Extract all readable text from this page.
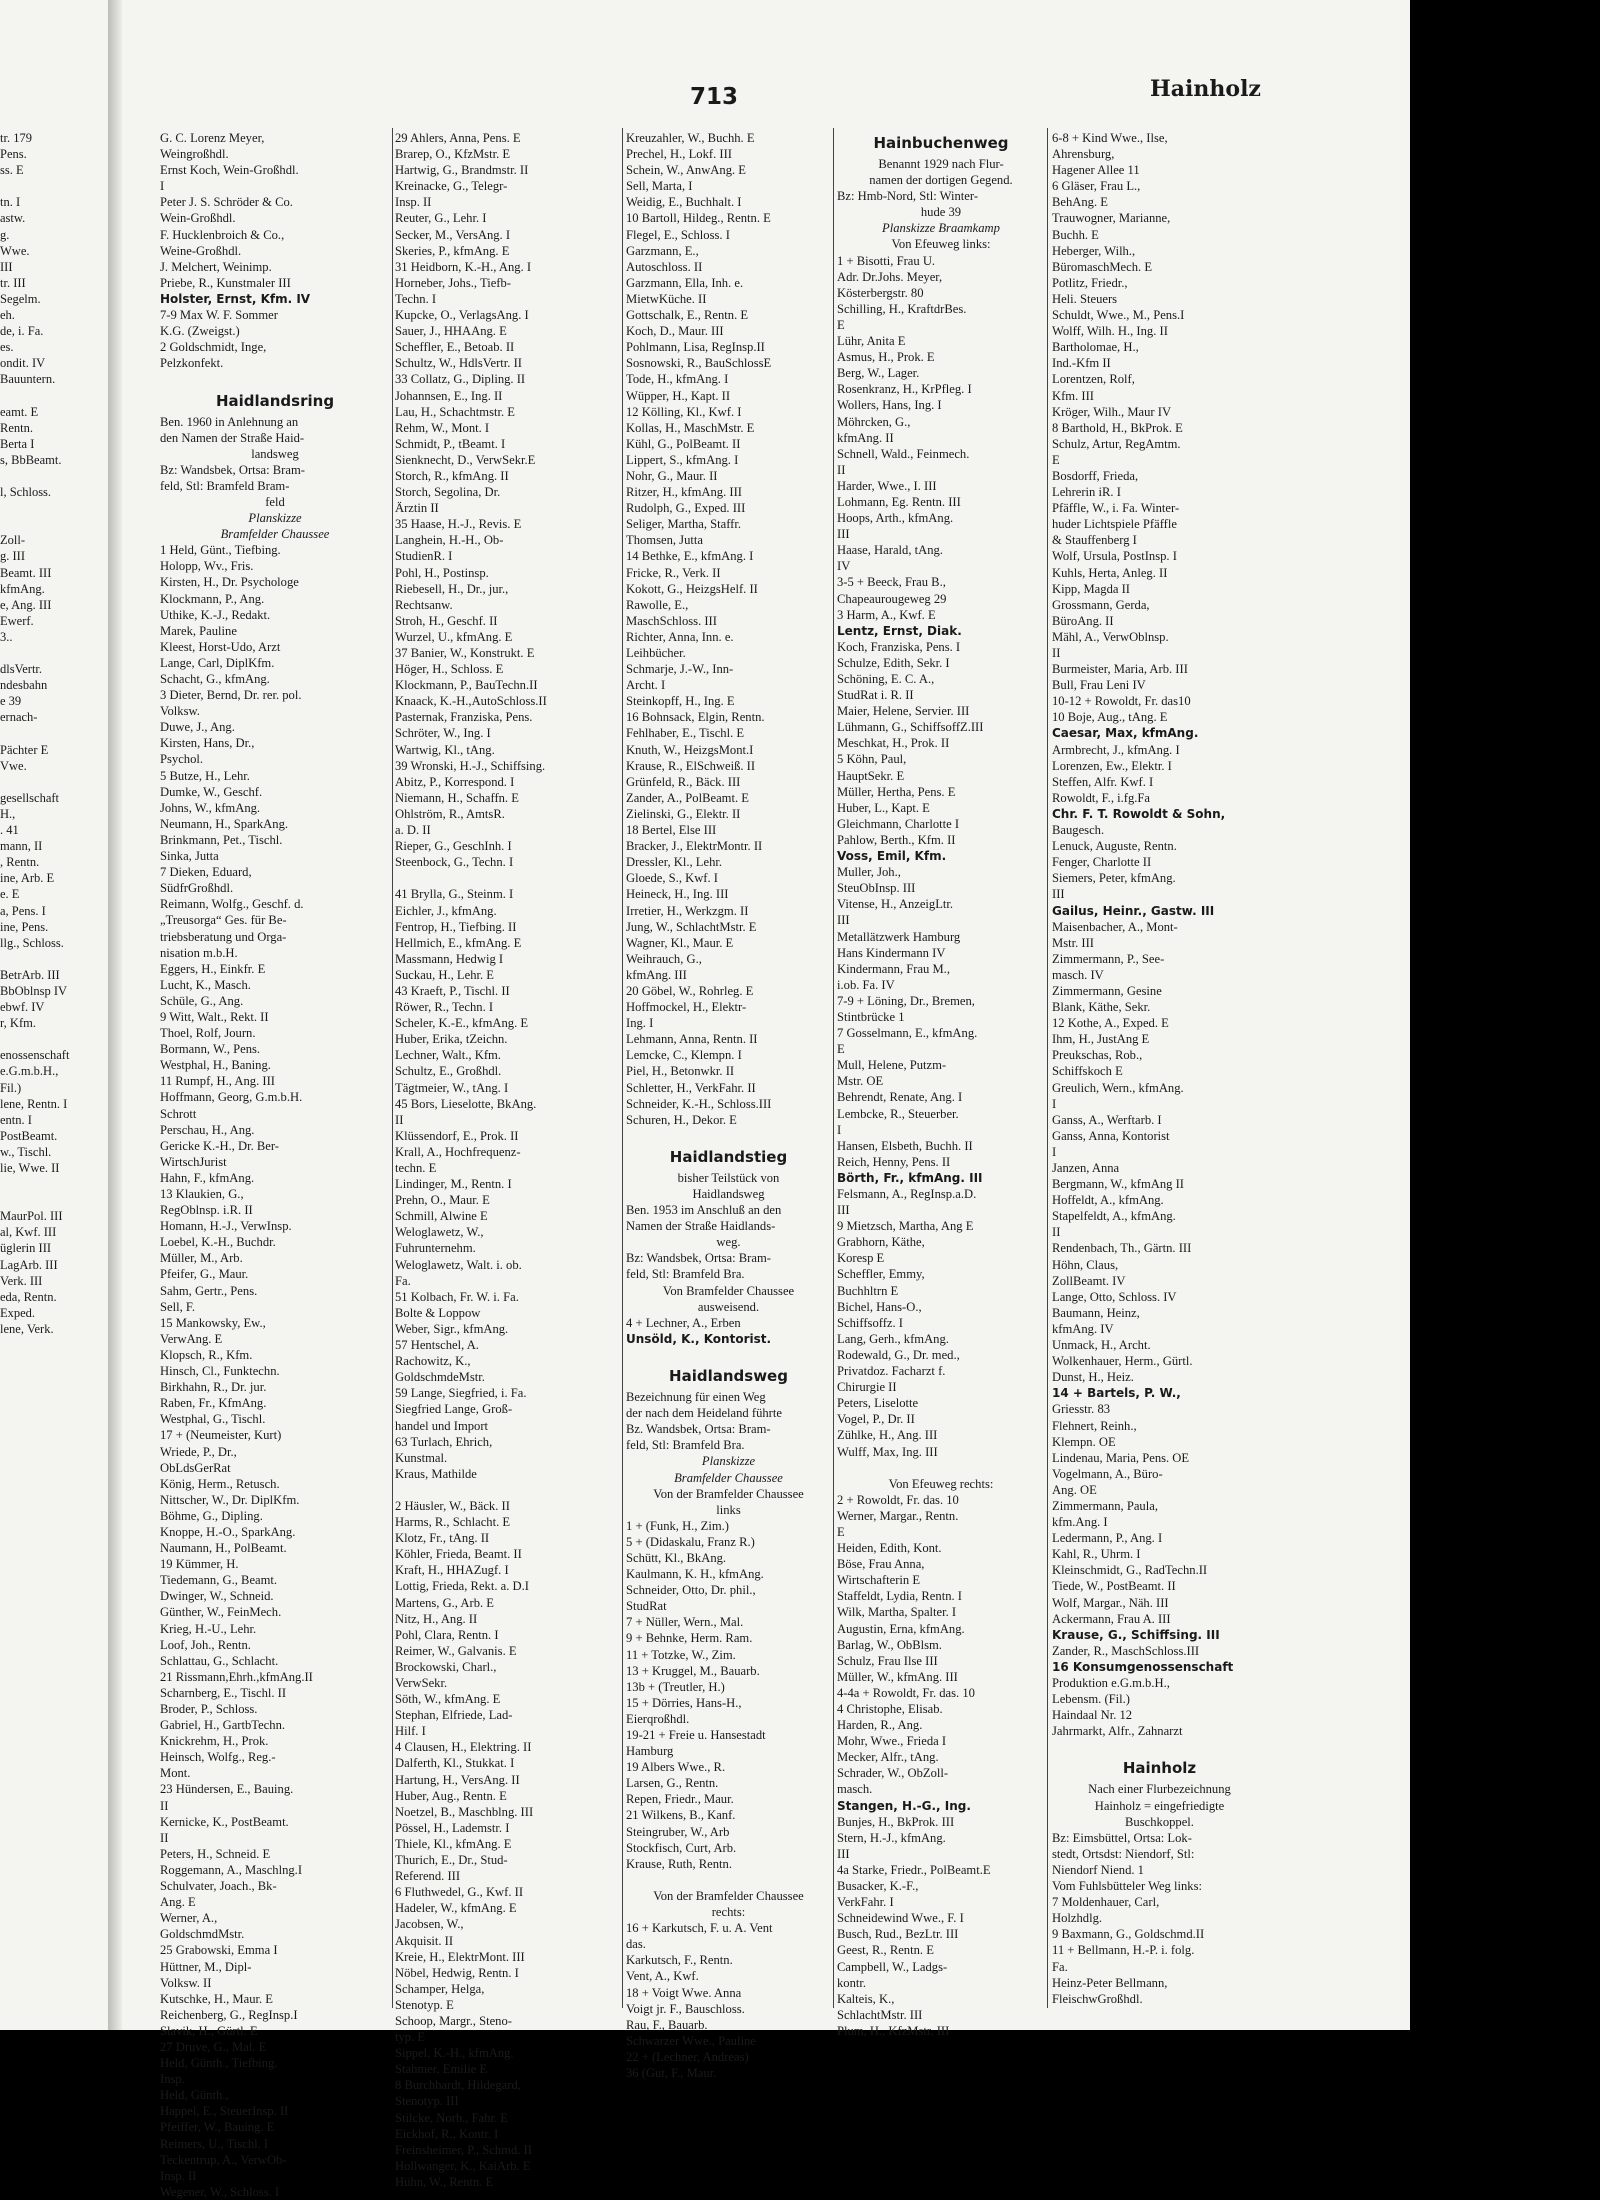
tr. 179
Pens.
ss. E
tn. I
astw.
g.
Wwe.
III
tr. III
Segelm.
eh.
de, i. Fa.
es.
ondit. IV
Bauuntern.
eamt. E
Rentn.
Berta I
s, BbBeamt.
l, Schloss.
Zoll-
g. III
Beamt. III
kfmAng.
e, Ang. III
Ewerf.
3..
dlsVertr.
ndesbahn
e 39
ernach-
Pächter E
Vwe.
gesellschaft
H.,
. 41
mann, II
, Rentn.
ine, Arb. E
e. E
a, Pens. I
ine, Pens.
llg., Schloss.
BetrArb. III
BbOblnsp IV
ebwf. IV
r, Kfm.
enossenschaft
e.G.m.b.H.,
Fil.)
lene, Rentn. I
entn. I
PostBeamt.
w., Tischl.
lie, Wwe. II
MaurPol. III
al, Kwf. III
üglerin III
LagArb. III
Verk. III
eda, Rentn.
Exped.
lene, Verk.
713	Hainholz
G. C. Lorenz Meyer,
Weingroßhdl.
Ernst Koch, Wein-Großhdl.
I
Peter J. S. Schröder & Co.
Wein-Großhdl.
F. Hucklenbroich & Co.,
Weine-Großhdl.
J. Melchert, Weinimp.
Priebe, R., Kunstmaler III
Holster, Ernst, Kfm. IV
7-9 Max W. F. Sommer
K.G. (Zweigst.)
2 Goldschmidt, Inge,
Pelzkonfekt.
Haidlandsring
Ben. 1960 in Anlehnung an
den Namen der Straße Haid-
landsweg
Bz: Wandsbek, Ortsa: Bram-
feld, Stl: Bramfeld Bram-
feld
Planskizze
Bramfelder Chaussee
1 Held, Günt., Tiefbing.
Holopp, Wv., Fris.
Kirsten, H., Dr. Psychologe
Klockmann, P., Ang.
Uthike, K.-J., Redakt.
Marek, Pauline
Kleest, Horst-Udo, Arzt
Lange, Carl, DiplKfm.
Schacht, G., kfmAng.
3 Dieter, Bernd, Dr. rer. pol.
Volksw.
Duwe, J., Ang.
Kirsten, Hans, Dr.,
Psychol.
5 Butze, H., Lehr.
Dumke, W., Geschf.
Johns, W., kfmAng.
Neumann, H., SparkAng.
Brinkmann, Pet., Tischl.
Sinka, Jutta
7 Dieken, Eduard,
SüdfrGroßhdl.
Reimann, Wolfg., Geschf. d.
„Treusorga“ Ges. für Be-
triebsberatung und Orga-
nisation m.b.H.
Eggers, H., Einkfr. E
Lucht, K., Masch.
Schüle, G., Ang.
9 Witt, Walt., Rekt. II
Thoel, Rolf, Journ.
Bormann, W., Pens.
Westphal, H., Baning.
11 Rumpf, H., Ang. III
Hoffmann, Georg, G.m.b.H.
Schrott
Perschau, H., Ang.
Gericke K.-H., Dr. Ber-
WirtschJurist
Hahn, F., kfmAng.
13 Klaukien, G.,
RegOblnsp. i.R. II
Homann, H.-J., VerwInsp.
Loebel, K.-H., Buchdr.
Müller, M., Arb.
Pfeifer, G., Maur.
Sahm, Gertr., Pens.
Sell, F.
15 Mankowsky, Ew.,
VerwAng. E
Klopsch, R., Kfm.
Hinsch, Cl., Funktechn.
Birkhahn, R., Dr. jur.
Raben, Fr., KfmAng.
Westphal, G., Tischl.
17 + (Neumeister, Kurt)
Wriede, P., Dr.,
ObLdsGerRat
König, Herm., Retusch.
Nittscher, W., Dr. DiplKfm.
Böhme, G., Dipling.
Knoppe, H.-O., SparkAng.
Naumann, H., PolBeamt.
19 Kümmer, H.
Tiedemann, G., Beamt.
Dwinger, W., Schneid.
Günther, W., FeinMech.
Krieg, H.-U., Lehr.
Loof, Joh., Rentn.
Schlattau, G., Schlacht.
21 Rissmann,Ehrh.,kfmAng.II
Scharnberg, E., Tischl. II
Broder, P., Schloss.
Gabriel, H., GartbTechn.
Knickrehm, H., Prok.
Heinsch, Wolfg., Reg.-
Mont.
23 Hündersen, E., Bauing.
II
Kernicke, K., PostBeamt.
II
Peters, H., Schneid. E
Roggemann, A., Maschlng.I
Schulvater, Joach., Bk-
Ang. E
Werner, A.,
GoldschmdMstr.
25 Grabowski, Emma I
Hüttner, M., Dipl-
Volksw. II
Kutschke, H., Maur. E
Reichenberg, G., RegInsp.I
Slavik, H., Gürtl. E
27 Druve, G., Mal. E
Held, Günth., Tiefbing.
Insp.
Held, Günth.,
Happel, E., SteuerInsp. II
Pfeiffer, W., Bauing. E
Reimers, U., Tischl. I
Teckentrup, A., VerwOb-
Insp. II
Wegener, W., Schloss. I
29 Ahlers, Anna, Pens. E
Brarep, O., KfzMstr. E
Hartwig, G., Brandmstr. II
Kreinacke, G., Telegr-
Insp. II
Reuter, G., Lehr. I
Secker, M., VersAng. I
Skeries, P., kfmAng. E
31 Heidborn, K.-H., Ang. I
Horneber, Johs., Tiefb-
Techn. I
Kupcke, O., VerlagsAng. I
Sauer, J., HHAAng. E
Scheffler, E., Betoab. II
Schultz, W., HdlsVertr. II
33 Collatz, G., Dipling. II
Johannsen, E., Ing. II
Lau, H., Schachtmstr. E
Rehm, W., Mont. I
Schmidt, P., tBeamt. I
Sienknecht, D., VerwSekr.E
Storch, R., kfmAng. II
Storch, Segolina, Dr.
Ärztin II
35 Haase, H.-J., Revis. E
Langhein, H.-H., Ob-
StudienR. I
Pohl, H., Postinsp.
Riebesell, H., Dr., jur.,
Rechtsanw.
Stroh, H., Geschf. II
Wurzel, U., kfmAng. E
37 Banier, W., Konstrukt. E
Höger, H., Schloss. E
Klockmann, P., BauTechn.II
Knaack, K.-H.,AutoSchloss.II
Pasternak, Franziska, Pens.
Schröter, W., Ing. I
Wartwig, Kl., tAng.
39 Wronski, H.-J., Schiffsing.
Abitz, P., Korrespond. I
Niemann, H., Schaffn. E
Ohlström, R., AmtsR.
a. D. II
Rieper, G., GeschInh. I
Steenbock, G., Techn. I
41 Brylla, G., Steinm. I
Eichler, J., kfmAng.
Fentrop, H., Tiefbing. II
Hellmich, E., kfmAng. E
Massmann, Hedwig I
Suckau, H., Lehr. E
43 Kraeft, P., Tischl. II
Röwer, R., Techn. I
Scheler, K.-E., kfmAng. E
Huber, Erika, tZeichn.
Lechner, Walt., Kfm.
Schultz, E., Großhdl.
Tägtmeier, W., tAng. I
45 Bors, Lieselotte, BkAng.
II
Klüssendorf, E., Prok. II
Krall, A., Hochfrequenz-
techn. E
Lindinger, M., Rentn. I
Prehn, O., Maur. E
Schmill, Alwine E
Weloglawetz, W.,
Fuhrunternehm.
Weloglawetz, Walt. i. ob.
Fa.
51 Kolbach, Fr. W. i. Fa.
Bolte & Loppow
Weber, Sigr., kfmAng.
57 Hentschel, A.
Rachowitz, K.,
GoldschmdeMstr.
59 Lange, Siegfried, i. Fa.
Siegfried Lange, Groß-
handel und Import
63 Turlach, Ehrich,
Kunstmal.
Kraus, Mathilde
2 Häusler, W., Bäck. II
Harms, R., Schlacht. E
Klotz, Fr., tAng. II
Köhler, Frieda, Beamt. II
Kraft, H., HHAZugf. I
Lottig, Frieda, Rekt. a. D.I
Martens, G., Arb. E
Nitz, H., Ang. II
Pohl, Clara, Rentn. I
Reimer, W., Galvanis. E
Brockowski, Charl.,
VerwSekr.
Söth, W., kfmAng. E
Stephan, Elfriede, Lad-
Hilf. I
4 Clausen, H., Elektring. II
Dalferth, Kl., Stukkat. I
Hartung, H., VersAng. II
Huber, Aug., Rentn. E
Noetzel, B., Maschblng. III
Pössel, H., Lademstr. I
Thiele, Kl., kfmAng. E
Thurich, E., Dr., Stud-
Referend. III
6 Fluthwedel, G., Kwf. II
Hadeler, W., kfmAng. E
Jacobsen, W.,
Akquisit. II
Kreie, H., ElektrMont. III
Nöbel, Hedwig, Rentn. I
Schamper, Helga,
Stenotyp. E
Schoop, Margr., Steno-
typ. E
Sippel, K.-H., kfmAng.
Stahmer, Emilie E
8 Burchhardt, Hildegard,
Stenotyp. III
Stilcke, Norb., Fahr. E
Eickhof, R., Kontr. I
Freinsheimer, P., Schmd. II
Hollwanger, K., KaiArb. E
Hühn, W., Rentn. E
Kreuzahler, W., Buchh. E
Prechel, H., Lokf. III
Schein, W., AnwAng. E
Sell, Marta, I
Weidig, E., Buchhalt. I
10 Bartoll, Hildeg., Rentn. E
Flegel, E., Schloss. I
Garzmann, E.,
Autoschloss. II
Garzmann, Ella, Inh. e.
MietwKüche. II
Gottschalk, E., Rentn. E
Koch, D., Maur. III
Pohlmann, Lisa, RegInsp.II
Sosnowski, R., BauSchlossE
Tode, H., kfmAng. I
Wüpper, H., Kapt. II
12 Kölling, Kl., Kwf. I
Kollas, H., MaschMstr. E
Kühl, G., PolBeamt. II
Lippert, S., kfmAng. I
Nohr, G., Maur. II
Ritzer, H., kfmAng. III
Rudolph, G., Exped. III
Seliger, Martha, Staffr.
Thomsen, Jutta
14 Bethke, E., kfmAng. I
Fricke, R., Verk. II
Kokott, G., HeizgsHelf. II
Rawolle, E.,
MaschSchloss. III
Richter, Anna, Inn. e.
Leihbücher.
Schmarje, J.-W., Inn-
Archt. I
Steinkopff, H., Ing. E
16 Bohnsack, Elgin, Rentn.
Fehlhaber, E., Tischl. E
Knuth, W., HeizgsMont.I
Krause, R., ElSchweiß. II
Grünfeld, R., Bäck. III
Zander, A., PolBeamt. E
Zielinski, G., Elektr. II
18 Bertel, Else III
Bracker, J., ElektrMontr. II
Dressler, Kl., Lehr.
Gloede, S., Kwf. I
Heineck, H., Ing. III
Irretier, H., Werkzgm. II
Jung, W., SchlachtMstr. E
Wagner, Kl., Maur. E
Weihrauch, G.,
kfmAng. III
20 Göbel, W., Rohrleg. E
Hoffmockel, H., Elektr-
Ing. I
Lehmann, Anna, Rentn. II
Lemcke, C., Klempn. I
Piel, H., Betonwkr. II
Schletter, H., VerkFahr. II
Schneider, K.-H., Schloss.III
Schuren, H., Dekor. E
Haidlandstieg
bisher Teilstück von
Haidlandsweg
Ben. 1953 im Anschluß an den
Namen der Straße Haidlands-
weg.
Bz: Wandsbek, Ortsa: Bram-
feld, Stl: Bramfeld Bra.
Von Bramfelder Chaussee
ausweisend.
4 + Lechner, A., Erben
Unsöld, K., Kontorist.
Haidlandsweg
Bezeichnung für einen Weg
der nach dem Heideland führte
Bz. Wandsbek, Ortsa: Bram-
feld, Stl: Bramfeld Bra.
Planskizze
Bramfelder Chaussee
Von der Bramfelder Chaussee
links
1 + (Funk, H., Zim.)
5 + (Didaskalu, Franz R.)
Schütt, Kl., BkAng.
Kaulmann, K. H., kfmAng.
Schneider, Otto, Dr. phil.,
StudRat
7 + Nüller, Wern., Mal.
9 + Behnke, Herm. Ram.
11 + Totzke, W., Zim.
13 + Kruggel, M., Bauarb.
13b + (Treutler, H.)
15 + Dörries, Hans-H.,
Eierqroßhdl.
19-21 + Freie u. Hansestadt
Hamburg
19 Albers Wwe., R.
Larsen, G., Rentn.
Repen, Friedr., Maur.
21 Wilkens, B., Kanf.
Steingruber, W., Arb
Stockfisch, Curt, Arb.
Krause, Ruth, Rentn.
Von der Bramfelder Chaussee
rechts:
16 + Karkutsch, F. u. A. Vent
das.
Karkutsch, F., Rentn.
Vent, A., Kwf.
18 + Voigt Wwe. Anna
Voigt jr. F., Bauschloss.
Rau, F., Bauarb.
Schwarzer Wwe., Pauline
22 + (Lechner, Andreas)
36 (Gut, F., Maur.
Hainbuchenweg
Benannt 1929 nach Flur-
namen der dortigen Gegend.
Bz: Hmb-Nord, Stl: Winter-
hude 39
Planskizze Braamkamp
Von Efeuweg links:
1 + Bisotti, Frau U.
Adr. Dr.Johs. Meyer,
Kösterbergstr. 80
Schilling, H., KraftdrBes.
E
Lühr, Anita E
Asmus, H., Prok. E
Berg, W., Lager.
Rosenkranz, H., KrPfleg. I
Wollers, Hans, Ing. I
Möhrcken, G.,
kfmAng. II
Schnell, Wald., Feinmech.
II
Harder, Wwe., I. III
Lohmann, Eg. Rentn. III
Hoops, Arth., kfmAng.
III
Haase, Harald, tAng.
IV
3-5 + Beeck, Frau B.,
Chapeaurougeweg 29
3 Harm, A., Kwf. E
Lentz, Ernst, Diak.
Koch, Franziska, Pens. I
Schulze, Edith, Sekr. I
Schöning, E. C. A.,
StudRat i. R. II
Maier, Helene, Servier. III
Lühmann, G., SchiffsoffZ.III
Meschkat, H., Prok. II
5 Köhn, Paul,
HauptSekr. E
Müller, Hertha, Pens. E
Huber, L., Kapt. E
Gleichmann, Charlotte I
Pahlow, Berth., Kfm. II
Voss, Emil, Kfm.
Muller, Joh.,
SteuObInsp. III
Vitense, H., AnzeigLtr.
III
Metallätzwerk Hamburg
Hans Kindermann IV
Kindermann, Frau M.,
i.ob. Fa. IV
7-9 + Löning, Dr., Bremen,
Stintbrücke 1
7 Gosselmann, E., kfmAng.
E
Mull, Helene, Putzm-
Mstr. OE
Behrendt, Renate, Ang. I
Lembcke, R., Steuerber.
I
Hansen, Elsbeth, Buchh. II
Reich, Henny, Pens. II
Börth, Fr., kfmAng. III
Felsmann, A., RegInsp.a.D.
III
9 Mietzsch, Martha, Ang E
Grabhorn, Käthe,
Koresp E
Scheffler, Emmy,
Buchhltrn E
Bichel, Hans-O.,
Schiffsoffz. I
Lang, Gerh., kfmAng.
Rodewald, G., Dr. med.,
Privatdoz. Facharzt f.
Chirurgie II
Peters, Liselotte
Vogel, P., Dr. II
Zühlke, H., Ang. III
Wulff, Max, Ing. III
Von Efeuweg rechts:
2 + Rowoldt, Fr. das. 10
Werner, Margar., Rentn.
E
Heiden, Edith, Kont.
Böse, Frau Anna,
Wirtschafterin E
Staffeldt, Lydia, Rentn. I
Wilk, Martha, Spalter. I
Augustin, Erna, kfmAng.
Barlag, W., ObBlsm.
Schulz, Frau Ilse III
Müller, W., kfmAng. III
4-4a + Rowoldt, Fr. das. 10
4 Christophe, Elisab.
Harden, R., Ang.
Mohr, Wwe., Frieda I
Mecker, Alfr., tAng.
Schrader, W., ObZoll-
masch.
Stangen, H.-G., Ing.
Bunjes, H., BkProk. III
Stern, H.-J., kfmAng.
III
4a Starke, Friedr., PolBeamt.E
Busacker, K.-F.,
VerkFahr. I
Schneidewind Wwe., F. I
Busch, Rud., BezLtr. III
Geest, R., Rentn. E
Campbell, W., Ladgs-
kontr.
Kalteis, K.,
SchlachtMstr. III
Plum, H., KfzMstr. III
6-8 + Kind Wwe., Ilse,
Ahrensburg,
Hagener Allee 11
6 Gläser, Frau L.,
BehAng. E
Trauwogner, Marianne,
Buchh. E
Heberger, Wilh.,
BüromaschMech. E
Potlitz, Friedr.,
Heli. Steuers
Schuldt, Wwe., M., Pens.I
Wolff, Wilh. H., Ing. II
Bartholomae, H.,
Ind.-Kfm II
Lorentzen, Rolf,
Kfm. III
Kröger, Wilh., Maur IV
8 Barthold, H., BkProk. E
Schulz, Artur, RegAmtm.
E
Bosdorff, Frieda,
Lehrerin iR. I
Pfäffle, W., i. Fa. Winter-
huder Lichtspiele Pfäffle
& Stauffenberg I
Wolf, Ursula, PostInsp. I
Kuhls, Herta, Anleg. II
Kipp, Magda II
Grossmann, Gerda,
BüroAng. II
Mähl, A., VerwOblnsp.
II
Burmeister, Maria, Arb. III
Bull, Frau Leni IV
10-12 + Rowoldt, Fr. das10
10 Boje, Aug., tAng. E
Caesar, Max, kfmAng.
Armbrecht, J., kfmAng. I
Lorenzen, Ew., Elektr. I
Steffen, Alfr. Kwf. I
Rowoldt, F., i.fg.Fa
Chr. F. T. Rowoldt & Sohn,
Baugesch.
Lenuck, Auguste, Rentn.
Fenger, Charlotte II
Siemers, Peter, kfmAng.
III
Gailus, Heinr., Gastw. III
Maisenbacher, A., Mont-
Mstr. III
Zimmermann, P., See-
masch. IV
Zimmermann, Gesine
Blank, Käthe, Sekr.
12 Kothe, A., Exped. E
Ihm, H., JustAng E
Preukschas, Rob.,
Schiffskoch E
Greulich, Wern., kfmAng.
I
Ganss, A., Werftarb. I
Ganss, Anna, Kontorist
I
Janzen, Anna
Bergmann, W., kfmAng II
Hoffeldt, A., kfmAng.
Stapelfeldt, A., kfmAng.
II
Rendenbach, Th., Gärtn. III
Höhn, Claus,
ZollBeamt. IV
Lange, Otto, Schloss. IV
Baumann, Heinz,
kfmAng. IV
Unmack, H., Archt.
Wolkenhauer, Herm., Gürtl.
Dunst, H., Heiz.
14 + Bartels, P. W.,
Griesstr. 83
Flehnert, Reinh.,
Klempn. OE
Lindenau, Maria, Pens. OE
Vogelmann, A., Büro-
Ang. OE
Zimmermann, Paula,
kfm.Ang. I
Ledermann, P., Ang. I
Kahl, R., Uhrm. I
Kleinschmidt, G., RadTechn.II
Tiede, W., PostBeamt. II
Wolf, Margar., Näh. III
Ackermann, Frau A. III
Krause, G., Schiffsing. III
Zander, R., MaschSchloss.III
16 Konsumgenossenschaft
Produktion e.G.m.b.H.,
Lebensm. (Fil.)
Haindaal Nr. 12
Jahrmarkt, Alfr., Zahnarzt
Hainholz
Nach einer Flurbezeichnung
Hainholz = eingefriedigte
Buschkoppel.
Bz: Eimsbüttel, Ortsa: Lok-
stedt, Ortsdst: Niendorf, Stl:
Niendorf Niend. 1
Vom Fuhlsbütteler Weg links:
7 Moldenhauer, Carl,
Holzhdlg.
9 Baxmann, G., Goldschmd.II
11 + Bellmann, H.-P. i. folg.
Fa.
Heinz-Peter Bellmann,
FleischwGroßhdl.
